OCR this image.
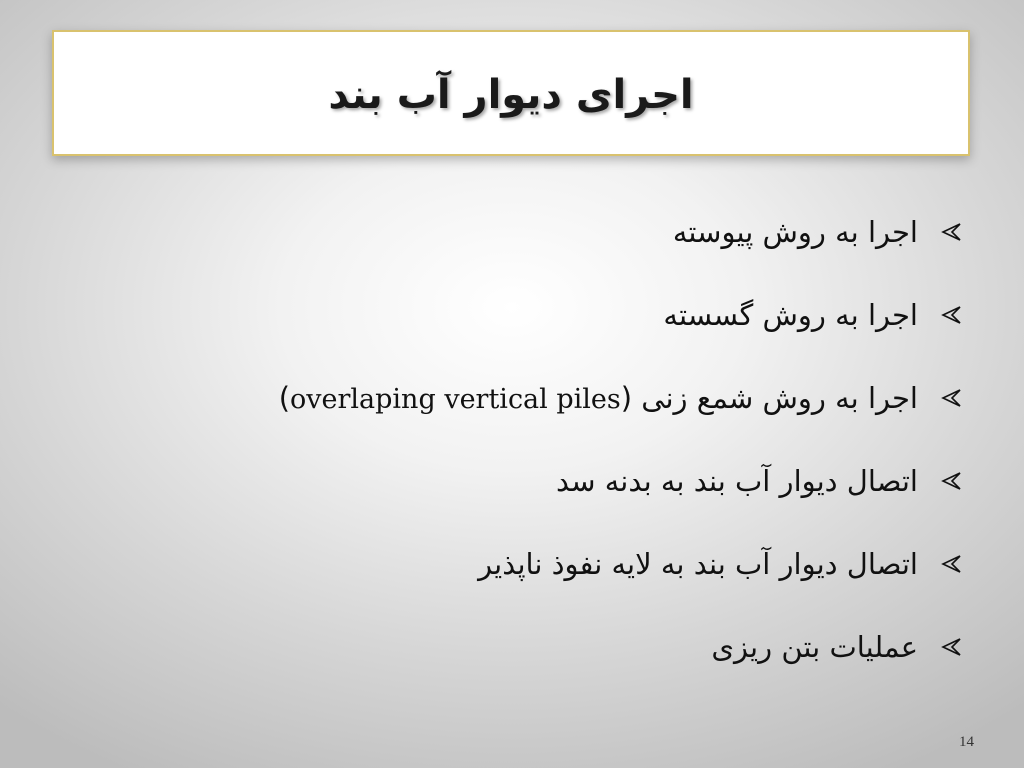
اجرای دیوار آب بند
اجرا به روش پیوسته
اجرا به روش گسسته
اجرا به روش شمع زنی (overlaping vertical piles)
اتصال دیوار آب بند به بدنه سد
اتصال دیوار آب بند به لایه نفوذ ناپذیر
عملیات بتن ریزی
14
